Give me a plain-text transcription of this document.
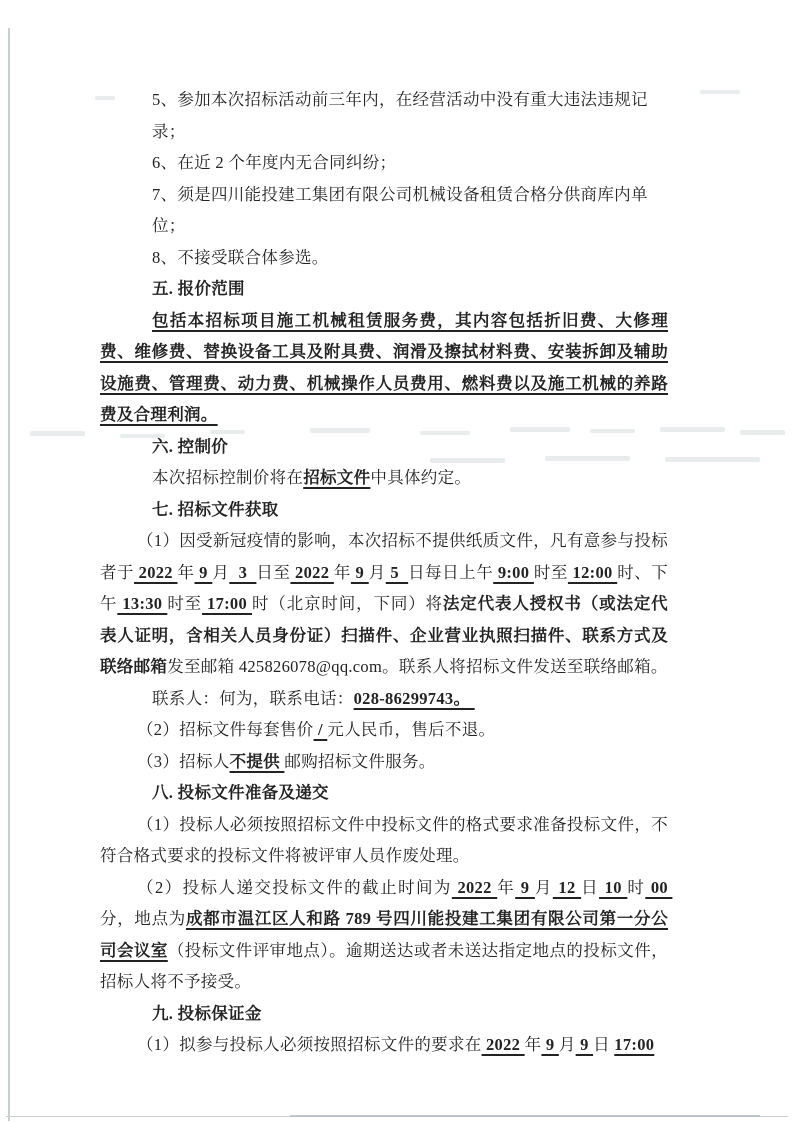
5、参加本次招标活动前三年内，在经营活动中没有重大违法违规记录；

6、在近 2 个年度内无合同纠纷；

7、须是四川能投建工集团有限公司机械设备租赁合格分供商库内单位；

8、不接受联合体参选。

五. 报价范围

包括本招标项目施工机械租赁服务费，其内容包括折旧费、大修理费、维修费、替换设备工具及附具费、润滑及擦拭材料费、安装拆卸及辅助设施费、管理费、动力费、机械操作人员费用、燃料费以及施工机械的养路费及合理利润。

六. 控制价

本次招标控制价将在招标文件中具体约定。

七. 招标文件获取

（1）因受新冠疫情的影响，本次招标不提供纸质文件，凡有意参与投标者于 2022 年 9 月  3  日至 2022 年 9 月 5  日每日上午 9:00 时至 12:00 时、下午 13:30 时至 17:00 时（北京时间，下同）将法定代表人授权书（或法定代表人证明，含相关人员身份证）扫描件、企业营业执照扫描件、联系方式及联络邮箱发至邮箱 425826078@qq.com。联系人将招标文件发送至联络邮箱。

联系人：何为，联系电话：028-86299743。

（2）招标文件每套售价 / 元人民币，售后不退。

（3）招标人不提供 邮购招标文件服务。

八. 投标文件准备及递交

（1）投标人必须按照招标文件中投标文件的格式要求准备投标文件，不符合格式要求的投标文件将被评审人员作废处理。

（2）投标人递交投标文件的截止时间为 2022 年 9 月 12 日 10 时 00 分，地点为成都市温江区人和路 789 号四川能投建工集团有限公司第一分公司会议室（投标文件评审地点）。逾期送达或者未送达指定地点的投标文件，招标人将不予接受。

九. 投标保证金

（1）拟参与投标人必须按照招标文件的要求在 2022 年 9 月 9 日 17:00
